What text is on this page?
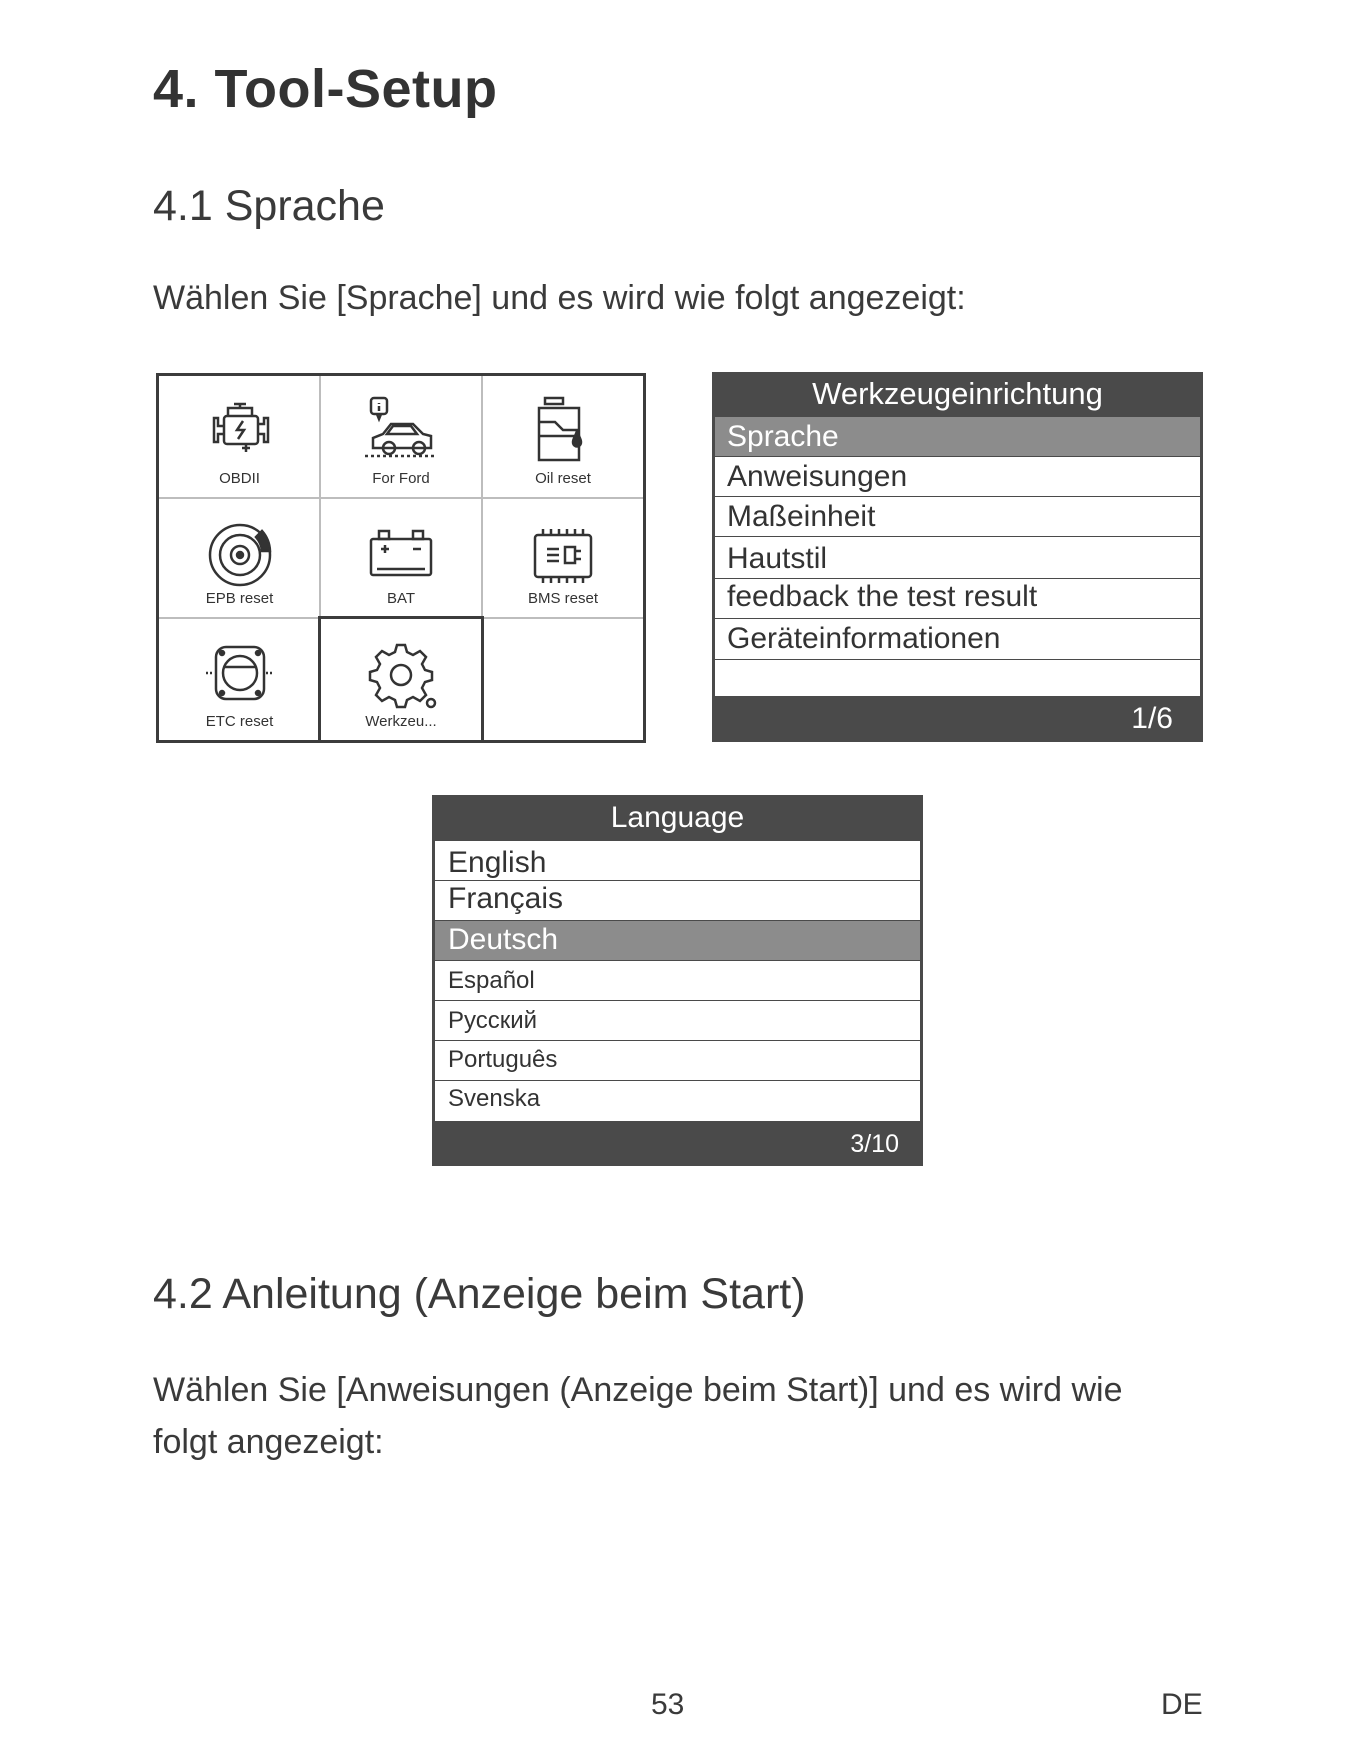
4. Tool-Setup
4.1 Sprache
Wählen Sie [Sprache] und es wird wie folgt angezeigt:
OBDII	For Ford	Oil reset
EPB reset	BAT	BMS reset
ETC reset	Werkzeu...
Werkzeugeinrichtung
Sprache
Anweisungen
Maßeinheit
Hautstil
feedback the test result
Geräteinformationen
1/6
Language
English
Français
Deutsch
Español
Русский
Português
Svenska
3/10
4.2 Anleitung (Anzeige beim Start)
Wählen Sie [Anweisungen (Anzeige beim Start)] und es wird wie
folgt angezeigt:
53	DE
